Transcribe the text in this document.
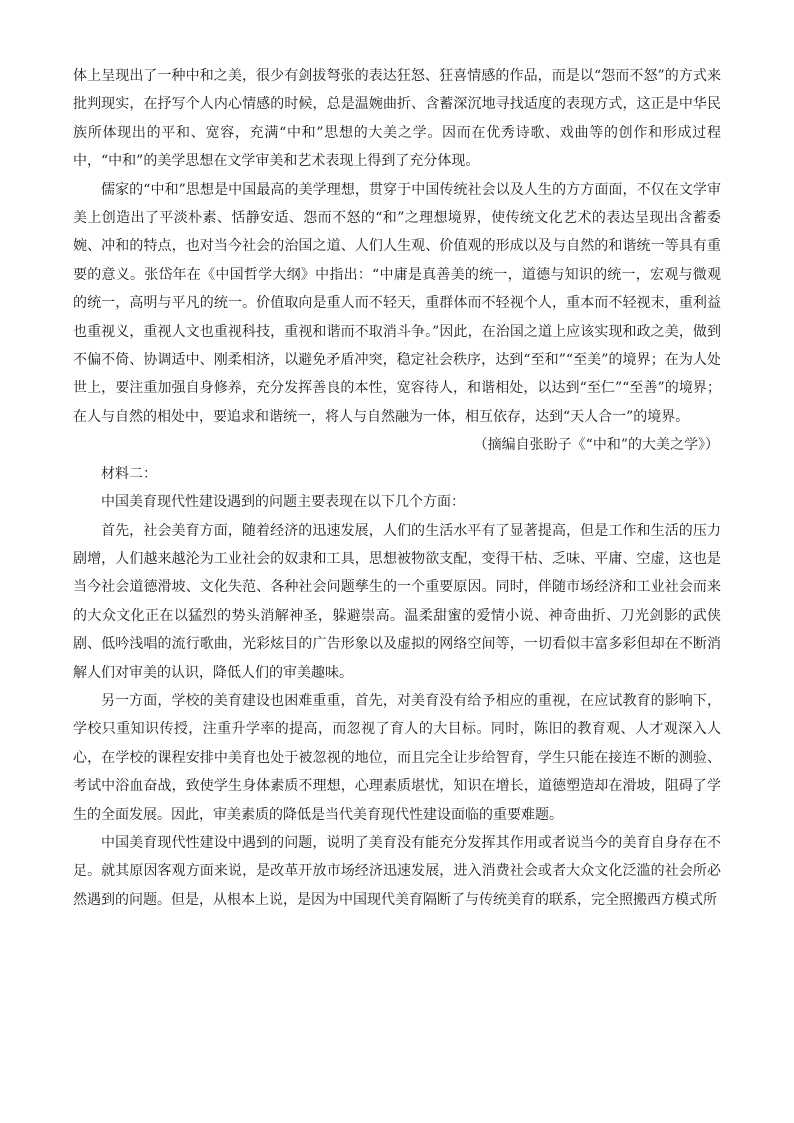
体上呈现出了一种中和之美，很少有剑拔弩张的表达狂怒、狂喜情感的作品，而是以“怨而不怒”的方式来批判现实，在抒写个人内心情感的时候，总是温婉曲折、含蓄深沉地寻找适度的表现方式，这正是中华民族所体现出的平和、宽容，充满“中和”思想的大美之学。因而在优秀诗歌、戏曲等的创作和形成过程中，“中和”的美学思想在文学审美和艺术表现上得到了充分体现。

儒家的“中和”思想是中国最高的美学理想，贯穿于中国传统社会以及人生的方方面面，不仅在文学审美上创造出了平淡朴素、恬静安适、怨而不怒的“和”之理想境界，使传统文化艺术的表达呈现出含蓄委婉、冲和的特点，也对当今社会的治国之道、人们人生观、价值观的形成以及与自然的和谐统一等具有重要的意义。张岱年在《中国哲学大纲》中指出：“中庸是真善美的统一，道德与知识的统一，宏观与微观的统一，高明与平凡的统一。价值取向是重人而不轻天，重群体而不轻视个人，重本而不轻视末，重利益也重视义，重视人文也重视科技，重视和谐而不取消斗争。”因此，在治国之道上应该实现和政之美，做到不偏不倚、协调适中、刚柔相济，以避免矛盾冲突，稳定社会秩序，达到“至和”“至美”的境界；在为人处世上，要注重加强自身修养，充分发挥善良的本性，宽容待人，和谐相处，以达到“至仁”“至善”的境界；在人与自然的相处中，要追求和谐统一，将人与自然融为一体，相互依存，达到“天人合一”的境界。

（摘编自张盼子《“中和”的大美之学》）

材料二：

中国美育现代性建设遇到的问题主要表现在以下几个方面：

首先，社会美育方面，随着经济的迅速发展，人们的生活水平有了显著提高，但是工作和生活的压力剧增，人们越来越沦为工业社会的奴隶和工具，思想被物欲支配，变得干枯、乏味、平庸、空虚，这也是当今社会道德滑坡、文化失范、各种社会问题孳生的一个重要原因。同时，伴随市场经济和工业社会而来的大众文化正在以猛烈的势头消解神圣，躲避崇高。温柔甜蜜的爱情小说、神奇曲折、刀光剑影的武侠剧、低吟浅唱的流行歌曲，光彩炫目的广告形象以及虚拟的网络空间等，一切看似丰富多彩但却在不断消解人们对审美的认识，降低人们的审美趣味。

另一方面，学校的美育建设也困难重重，首先，对美育没有给予相应的重视，在应试教育的影响下，学校只重知识传授，注重升学率的提高，而忽视了育人的大目标。同时，陈旧的教育观、人才观深入人心，在学校的课程安排中美育也处于被忽视的地位，而且完全让步给智育，学生只能在接连不断的测验、考试中浴血奋战，致使学生身体素质不理想，心理素质堪忧，知识在增长，道德塑造却在滑坡，阻碍了学生的全面发展。因此，审美素质的降低是当代美育现代性建设面临的重要难题。

中国美育现代性建设中遇到的问题，说明了美育没有能充分发挥其作用或者说当今的美育自身存在不足。就其原因客观方面来说，是改革开放市场经济迅速发展，进入消费社会或者大众文化泛滥的社会所必然遇到的问题。但是，从根本上说，是因为中国现代美育隔断了与传统美育的联系，完全照搬西方模式所
